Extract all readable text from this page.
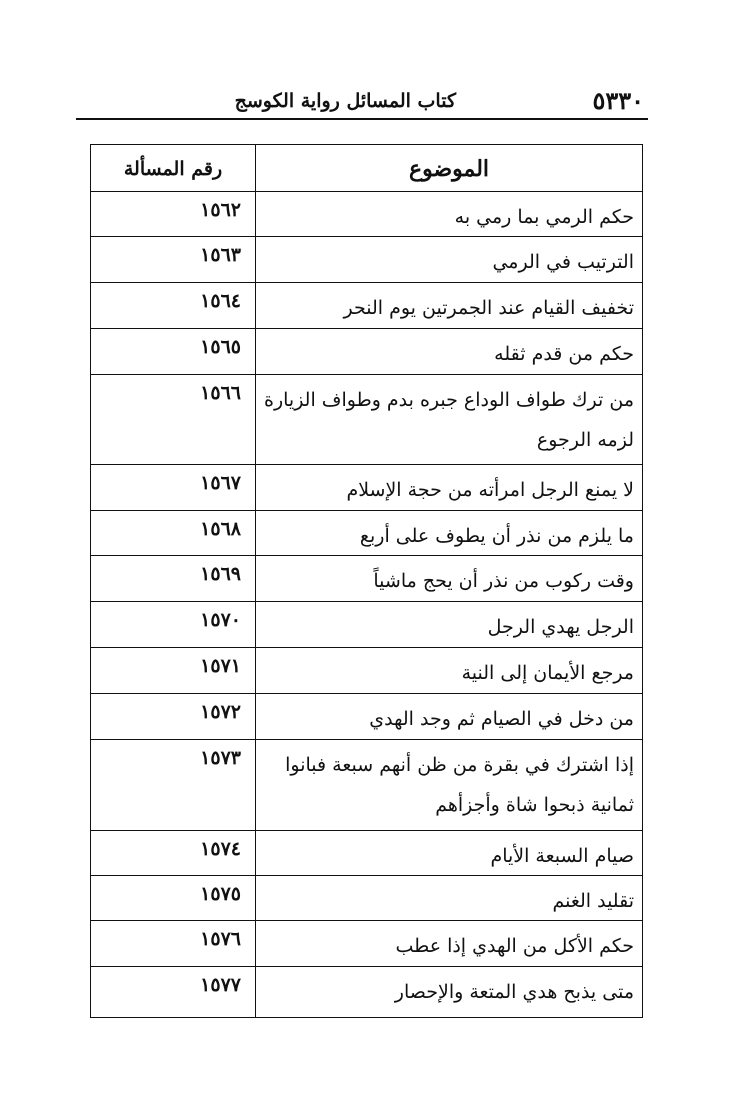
٥٣٣٠
كتاب المسائل رواية الكوسج
الموضوع
رقم المسألة
حكم الرمي بما رمي به
١٥٦٢
الترتيب في الرمي
١٥٦٣
تخفيف القيام عند الجمرتين يوم النحر
١٥٦٤
حكم من قدم ثقله
١٥٦٥
من ترك طواف الوداع جبره بدم وطواف الزيارة لزمه الرجوع
١٥٦٦
لا يمنع الرجل امرأته من حجة الإسلام
١٥٦٧
ما يلزم من نذر أن يطوف على أربع
١٥٦٨
وقت ركوب من نذر أن يحج ماشياً
١٥٦٩
الرجل يهدي الرجل
١٥٧٠
مرجع الأيمان إلى النية
١٥٧١
من دخل في الصيام ثم وجد الهدي
١٥٧٢
إذا اشترك في بقرة من ظن أنهم سبعة فبانوا ثمانية ذبحوا شاة وأجزأهم
١٥٧٣
صيام السبعة الأيام
١٥٧٤
تقليد الغنم
١٥٧٥
حكم الأكل من الهدي إذا عطب
١٥٧٦
متى يذبح هدي المتعة والإحصار
١٥٧٧
